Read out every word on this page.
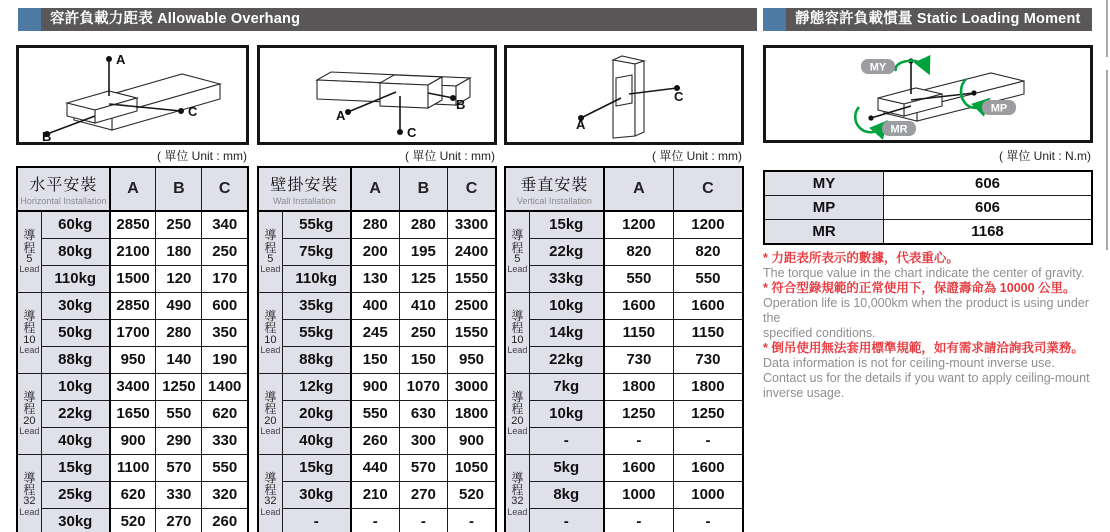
容許負載力距表 Allowable Overhang	靜態容許負載慣量 Static Loading Moment
A
B
C
( 單位 Unit : mm)
水平安裝
Horizontal Installation		A	B	C

導
程
5
Lead	60kg	2850	250	340
	80kg	2100	180	250
	110kg	1500	120	170

導
程
10
Lead	30kg	2850	490	600
	50kg	1700	280	350
	88kg	950	140	190

導
程
20
Lead	10kg	3400	1250	1400
	22kg	1650	550	620
	40kg	900	290	330

導
程
32
Lead	15kg	1100	570	550
	25kg	620	330	320
	30kg	520	270	260
A
B
C
( 單位 Unit : mm)
壁掛安裝
Wall Installation		A	B	C

導
程
5
Lead	55kg	280	280	3300
	75kg	200	195	2400
	110kg	130	125	1550

導
程
10
Lead	35kg	400	410	2500
	55kg	245	250	1550
	88kg	150	150	950

導
程
20
Lead	12kg	900	1070	3000
	20kg	550	630	1800
	40kg	260	300	900

導
程
32
Lead	15kg	440	570	1050
	30kg	210	270	520
	-	-	-	-
A
C
( 單位 Unit : mm)
垂直安裝
Vertical Installation		A	C

導
程
5
Lead	15kg	1200	1200
	22kg	820	820
	33kg	550	550

導
程
10
Lead	10kg	1600	1600
	14kg	1150	1150
	22kg	730	730

導
程
20
Lead	7kg	1800	1800
	10kg	1250	1250
	-	-	-

導
程
32
Lead	5kg	1600	1600
	8kg	1000	1000
	-	-	-
MY
MP
MR
( 單位 Unit : N.m)
MY	606
MP	606
MR	1168
* 力距表所表示的數據，代表重心。
The torque value in the chart indicate the center of gravity.
* 符合型錄規範的正常使用下，保證壽命為 10000 公里。
Operation life is 10,000km when the product is using under the
specified conditions.
* 倒吊使用無法套用標準規範，如有需求請洽詢我司業務。
Data information is not for ceiling-mount inverse use.
Contact us for the details if you want to apply ceiling-mount
inverse usage.
